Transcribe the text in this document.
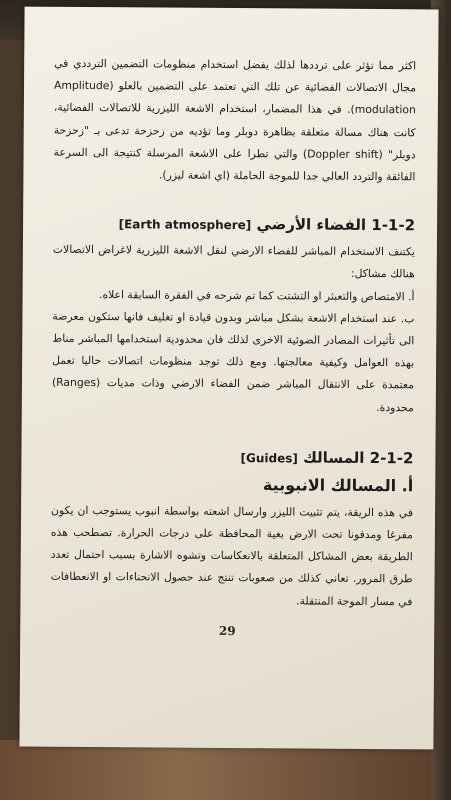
اكثر مما تؤثر على ترددها لذلك يفضل استخدام منظومات التضمين الترددي في مجال الاتصالات الفضائية عن تلك التي تعتمد على التضمين بالعلو (Amplitude modulation). في هذا المضمار، استخدام الاشعة الليزرية للاتصالات الفضائية، كانت هناك مسالة متعلقة بظاهرة دوبلر وما تؤديه من زحزحة تدعى بـ "زحزحة دوبلر" (Doppler shift) والتي تطرا على الاشعة المرسلة كنتيجة الى السرعة الفائقة والتردد العالي جدا للموجة الحاملة (اي اشعة ليزر).

1-1-2 الفضاء الأرضي [Earth atmosphere]

يكتنف الاستخدام المباشر للفضاء الارضي لنقل الاشعة الليزرية لاغراض الاتصالات هنالك مشاكل:

أ. الامتصاص والتعبثر او التشتت كما تم شرحه في الفقرة السابقة اعلاه.

ب. عند استخدام الاشعة بشكل مباشر وبدون قيادة او تغليف فانها ستكون معرضة الى تأثيرات المصادر الضوئية الاخرى لذلك فان محدودية استخدامها المباشر مناط بهذه العوامل وكيفية معالجتها. ومع ذلك توجد منظومات اتصالات حاليا تعمل معتمدة على الانتقال المباشر ضمن الفضاء الارضي وذات مديات (Ranges) محدودة.

2-1-2 المسالك [Guides]
أ. المسالك الانبوبية

في هذه الريقة، يتم تثبيت الليزر وارسال اشعته بواسطة انبوب يستوجب ان يكون مفرغا ومدفونا تحت الارض بغية المحافظة على درجات الحرارة. تصطحب هذه الطريقة بعض المشاكل المتعلقة بالانعكاسات وتشوه الاشارة بسبب احتمال تعدد طرق المرور. تعاني كذلك من صعوبات تنتج عند حصول الانحناءات او الانعطافات في مسار الموجة المنتقلة.

29
